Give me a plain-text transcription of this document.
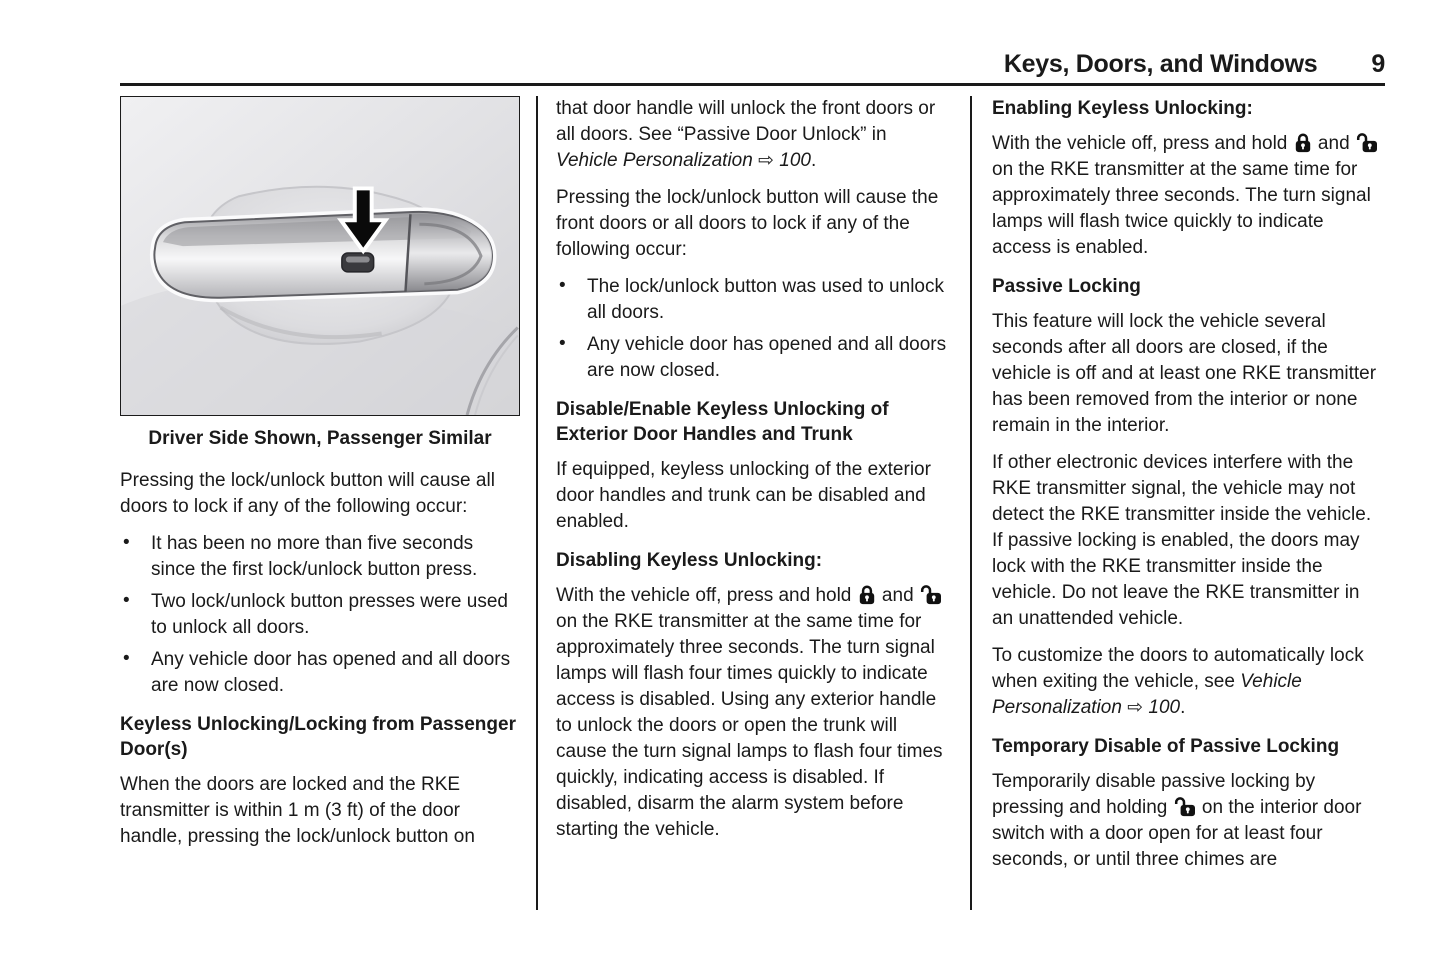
Keys, Doors, and Windows 9
Driver Side Shown, Passenger Similar

Pressing the lock/unlock button will cause all doors to lock if any of the following occur:

• It has been no more than five seconds since the first lock/unlock button press.
• Two lock/unlock button presses were used to unlock all doors.
• Any vehicle door has opened and all doors are now closed.
Keyless Unlocking/Locking from Passenger Door(s)

When the doors are locked and the RKE transmitter is within 1 m (3 ft) of the door handle, pressing the lock/unlock button on

that door handle will unlock the front doors or all doors. See “Passive Door Unlock” in Vehicle Personalization ⇨ 100.

Pressing the lock/unlock button will cause the front doors or all doors to lock if any of the following occur:

• The lock/unlock button was used to unlock all doors.
• Any vehicle door has opened and all doors are now closed.
Disable/Enable Keyless Unlocking of Exterior Door Handles and Trunk

If equipped, keyless unlocking of the exterior door handles and trunk can be disabled and enabled.

Disabling Keyless Unlocking:

With the vehicle off, press and hold  and  on the RKE transmitter at the same time for approximately three seconds. The turn signal lamps will flash four times quickly to indicate access is disabled. Using any exterior handle to unlock the doors or open the trunk will cause the turn signal lamps to flash four times quickly, indicating access is disabled. If disabled, disarm the alarm system before starting the vehicle.

Enabling Keyless Unlocking:

With the vehicle off, press and hold  and  on the RKE transmitter at the same time for approximately three seconds. The turn signal lamps will flash twice quickly to indicate access is enabled.

Passive Locking

This feature will lock the vehicle several seconds after all doors are closed, if the vehicle is off and at least one RKE transmitter has been removed from the interior or none remain in the interior.

If other electronic devices interfere with the RKE transmitter signal, the vehicle may not detect the RKE transmitter inside the vehicle. If passive locking is enabled, the doors may lock with the RKE transmitter inside the vehicle. Do not leave the RKE transmitter in an unattended vehicle.

To customize the doors to automatically lock when exiting the vehicle, see Vehicle Personalization ⇨ 100.

Temporary Disable of Passive Locking

Temporarily disable passive locking by pressing and holding  on the interior door switch with a door open for at least four seconds, or until three chimes are
